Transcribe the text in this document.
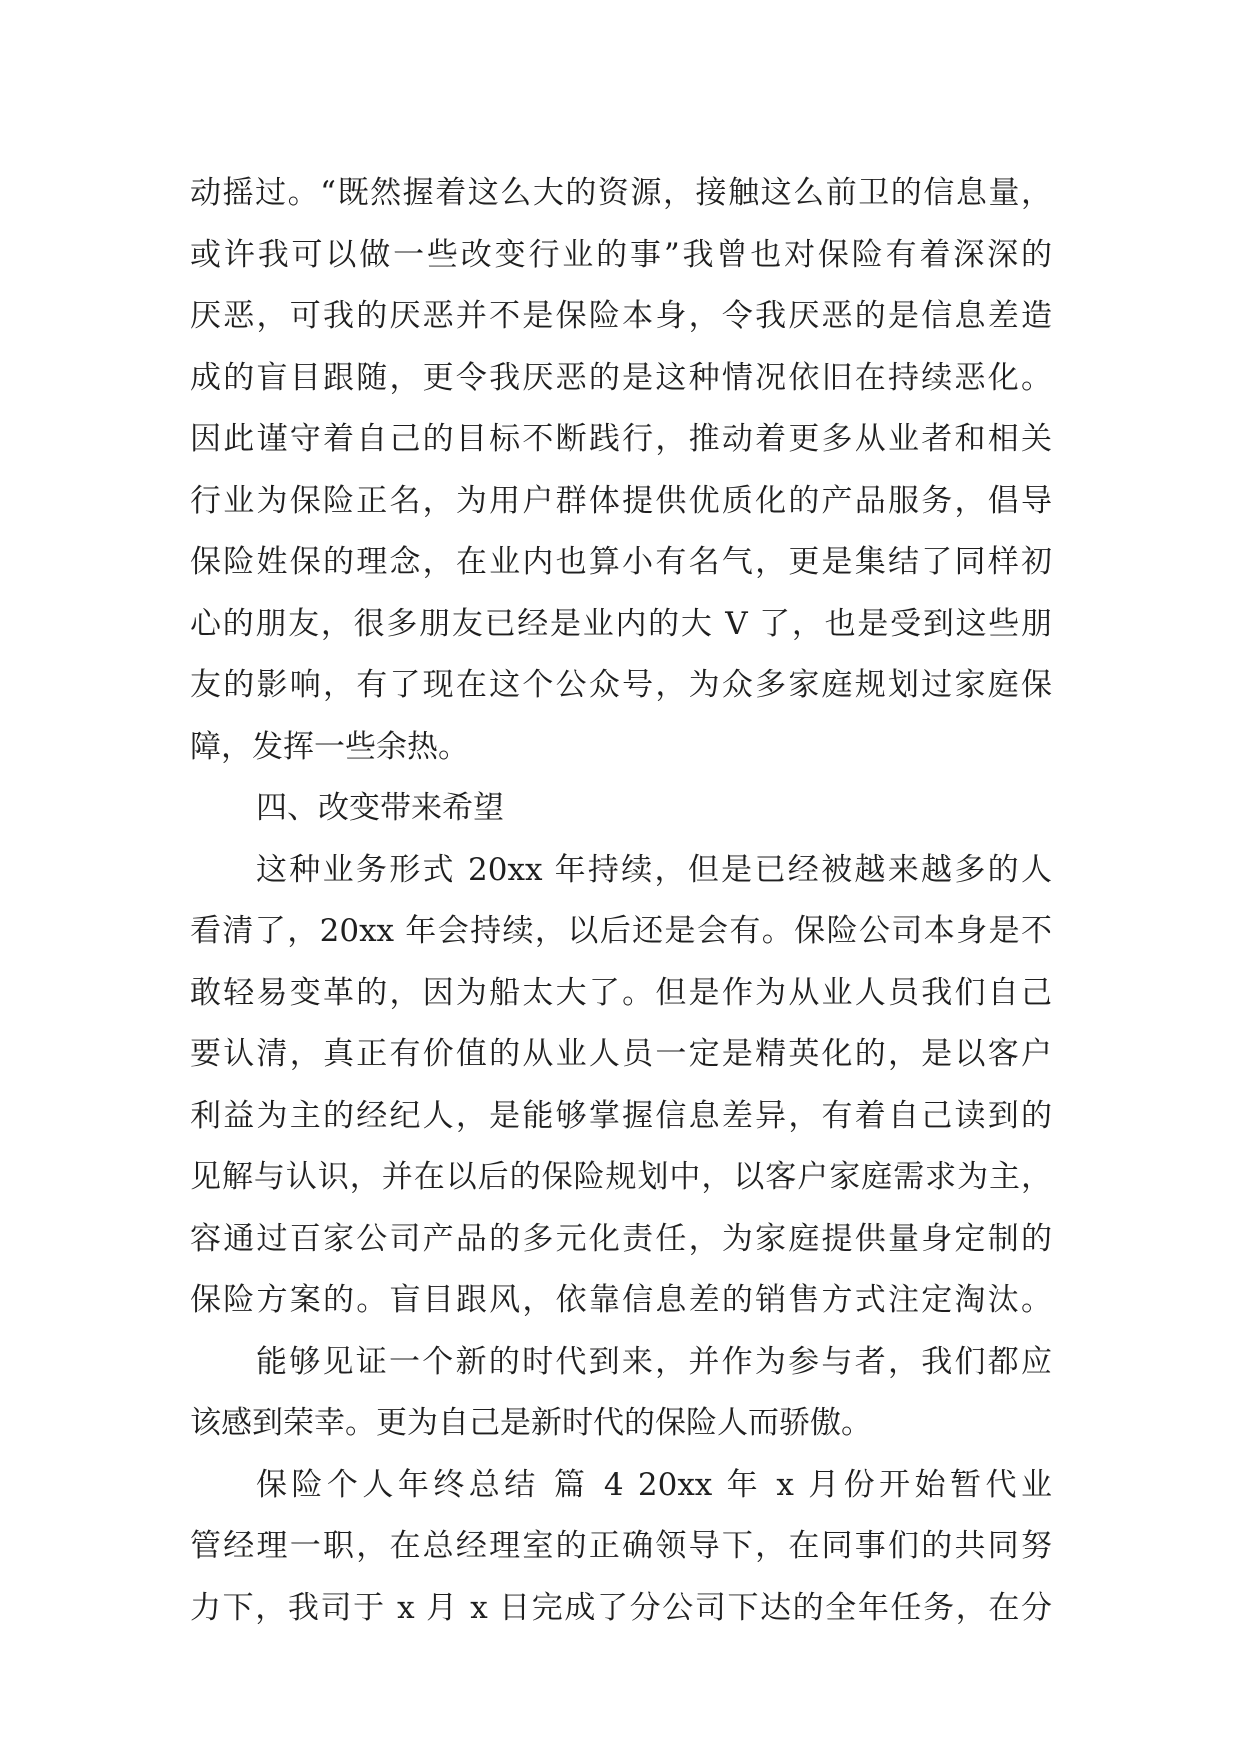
动摇过。“既然握着这么大的资源，接触这么前卫的信息量，
或许我可以做一些改变行业的事”我曾也对保险有着深深的
厌恶，可我的厌恶并不是保险本身，令我厌恶的是信息差造
成的盲目跟随，更令我厌恶的是这种情况依旧在持续恶化。
因此谨守着自己的目标不断践行，推动着更多从业者和相关
行业为保险正名，为用户群体提供优质化的产品服务，倡导
保险姓保的理念，在业内也算小有名气，更是集结了同样初
心的朋友，很多朋友已经是业内的大 V 了，也是受到这些朋
友的影响，有了现在这个公众号，为众多家庭规划过家庭保
障，发挥一些余热。
四、改变带来希望
这种业务形式 20xx 年持续，但是已经被越来越多的人
看清了，20xx 年会持续，以后还是会有。保险公司本身是不
敢轻易变革的，因为船太大了。但是作为从业人员我们自己
要认清，真正有价值的从业人员一定是精英化的，是以客户
利益为主的经纪人，是能够掌握信息差异，有着自己读到的
见解与认识，并在以后的保险规划中，以客户家庭需求为主，
容通过百家公司产品的多元化责任，为家庭提供量身定制的
保险方案的。盲目跟风，依靠信息差的销售方式注定淘汰。
能够见证一个新的时代到来，并作为参与者，我们都应
该感到荣幸。更为自己是新时代的保险人而骄傲。
保险个人年终总结 篇 4 20xx 年 x 月份开始暂代业
管经理一职，在总经理室的正确领导下，在同事们的共同努
力下，我司于 x 月 x 日完成了分公司下达的全年任务，在分
